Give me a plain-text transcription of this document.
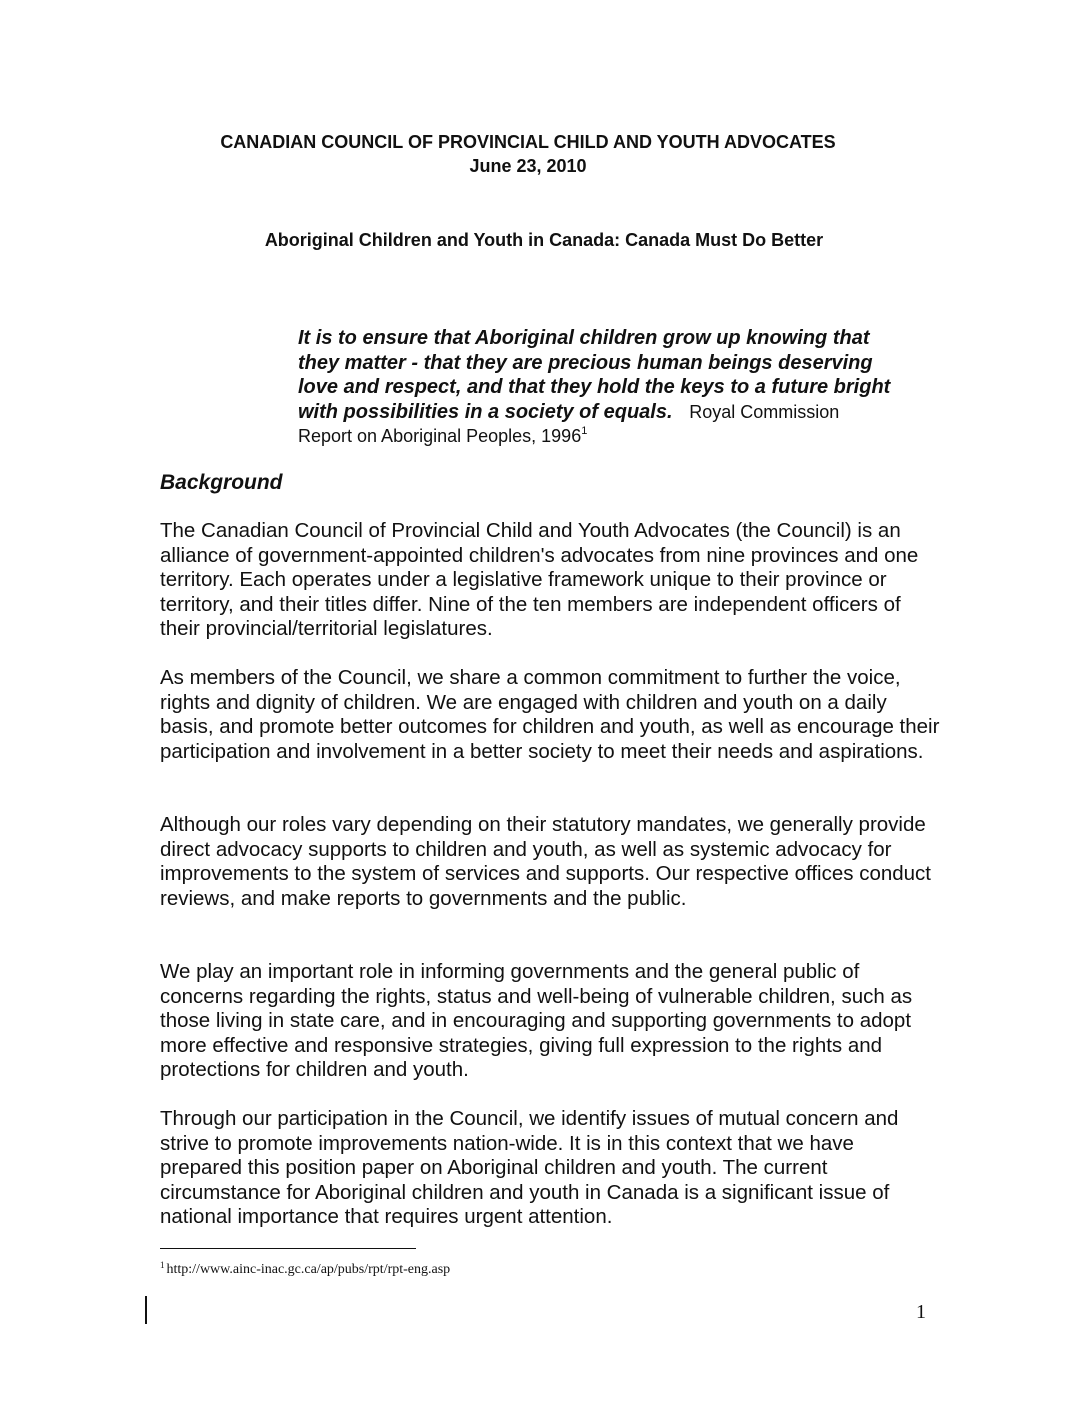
CANADIAN COUNCIL OF PROVINCIAL CHILD AND YOUTH ADVOCATES
June 23, 2010
Aboriginal Children and Youth in Canada: Canada Must Do Better
It is to ensure that Aboriginal children grow up knowing that they matter - that they are precious human beings deserving love and respect, and that they hold the keys to a future bright with possibilities in a society of equals. Royal Commission Report on Aboriginal Peoples, 1996$^1$
Background

The Canadian Council of Provincial Child and Youth Advocates (the Council) is an alliance of government-appointed children's advocates from nine provinces and one territory. Each operates under a legislative framework unique to their province or territory, and their titles differ. Nine of the ten members are independent officers of their provincial/territorial legislatures.

As members of the Council, we share a common commitment to further the voice, rights and dignity of children. We are engaged with children and youth on a daily basis, and promote better outcomes for children and youth, as well as encourage their participation and involvement in a better society to meet their needs and aspirations.

Although our roles vary depending on their statutory mandates, we generally provide direct advocacy supports to children and youth, as well as systemic advocacy for improvements to the system of services and supports. Our respective offices conduct reviews, and make reports to governments and the public.

We play an important role in informing governments and the general public of concerns regarding the rights, status and well-being of vulnerable children, such as those living in state care, and in encouraging and supporting governments to adopt more effective and responsive strategies, giving full expression to the rights and protections for children and youth.

Through our participation in the Council, we identify issues of mutual concern and strive to promote improvements nation-wide. It is in this context that we have prepared this position paper on Aboriginal children and youth. The current circumstance for Aboriginal children and youth in Canada is a significant issue of national importance that requires urgent attention.

$^1$ http://www.ainc-inac.gc.ca/ap/pubs/rpt/rpt-eng.asp
1
